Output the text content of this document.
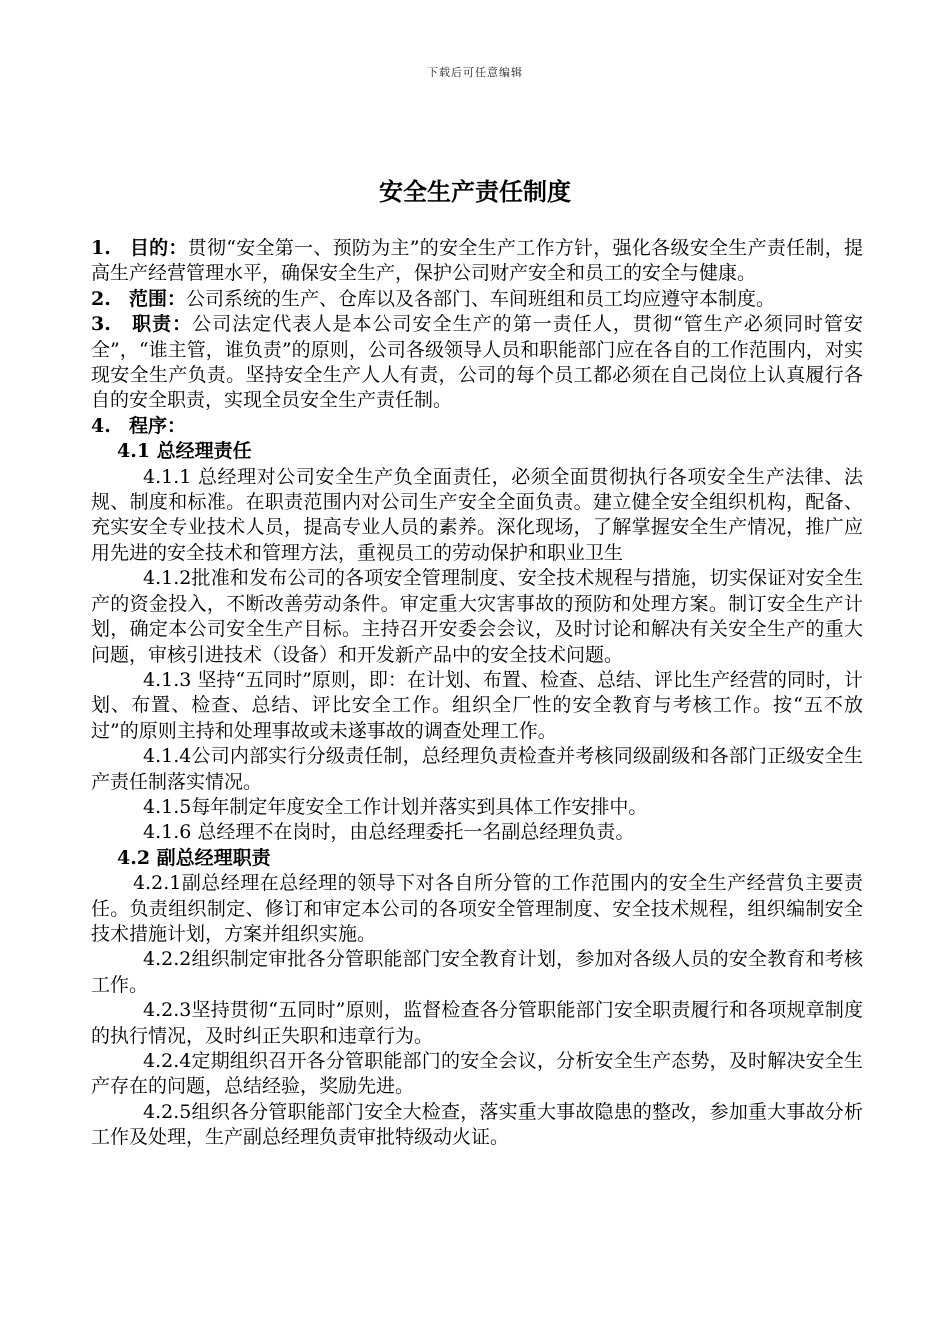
下载后可任意编辑
安全生产责任制度

1. 目的：贯彻“安全第一、预防为主”的安全生产工作方针，强化各级安全生产责任制，提高生产经营管理水平，确保安全生产，保护公司财产安全和员工的安全与健康。

2. 范围：公司系统的生产、仓库以及各部门、车间班组和员工均应遵守本制度。

3. 职责：公司法定代表人是本公司安全生产的第一责任人，贯彻“管生产必须同时管安全”，“谁主管，谁负责”的原则，公司各级领导人员和职能部门应在各自的工作范围内，对实现安全生产负责。坚持安全生产人人有责，公司的每个员工都必须在自己岗位上认真履行各自的安全职责，实现全员安全生产责任制。

4. 程序：

4.1 总经理责任

4.1.1 总经理对公司安全生产负全面责任，必须全面贯彻执行各项安全生产法律、法规、制度和标准。在职责范围内对公司生产安全全面负责。建立健全安全组织机构，配备、充实安全专业技术人员，提高专业人员的素养。深化现场，了解掌握安全生产情况，推广应用先进的安全技术和管理方法，重视员工的劳动保护和职业卫生

4.1.2批准和发布公司的各项安全管理制度、安全技术规程与措施，切实保证对安全生产的资金投入，不断改善劳动条件。审定重大灾害事故的预防和处理方案。制订安全生产计划，确定本公司安全生产目标。主持召开安委会会议，及时讨论和解决有关安全生产的重大问题，审核引进技术（设备）和开发新产品中的安全技术问题。

4.1.3 坚持“五同时”原则，即：在计划、布置、检查、总结、评比生产经营的同时，计划、布置、检查、总结、评比安全工作。组织全厂性的安全教育与考核工作。按“五不放过”的原则主持和处理事故或未遂事故的调查处理工作。

4.1.4公司内部实行分级责任制，总经理负责检查并考核同级副级和各部门正级安全生产责任制落实情况。

4.1.5每年制定年度安全工作计划并落实到具体工作安排中。

4.1.6 总经理不在岗时，由总经理委托一名副总经理负责。

4.2 副总经理职责

4.2.1副总经理在总经理的领导下对各自所分管的工作范围内的安全生产经营负主要责任。负责组织制定、修订和审定本公司的各项安全管理制度、安全技术规程，组织编制安全技术措施计划，方案并组织实施。

4.2.2组织制定审批各分管职能部门安全教育计划，参加对各级人员的安全教育和考核工作。

4.2.3坚持贯彻“五同时”原则，监督检查各分管职能部门安全职责履行和各项规章制度的执行情况，及时纠正失职和违章行为。

4.2.4定期组织召开各分管职能部门的安全会议，分析安全生产态势，及时解决安全生产存在的问题，总结经验，奖励先进。

4.2.5组织各分管职能部门安全大检查，落实重大事故隐患的整改，参加重大事故分析工作及处理，生产副总经理负责审批特级动火证。
